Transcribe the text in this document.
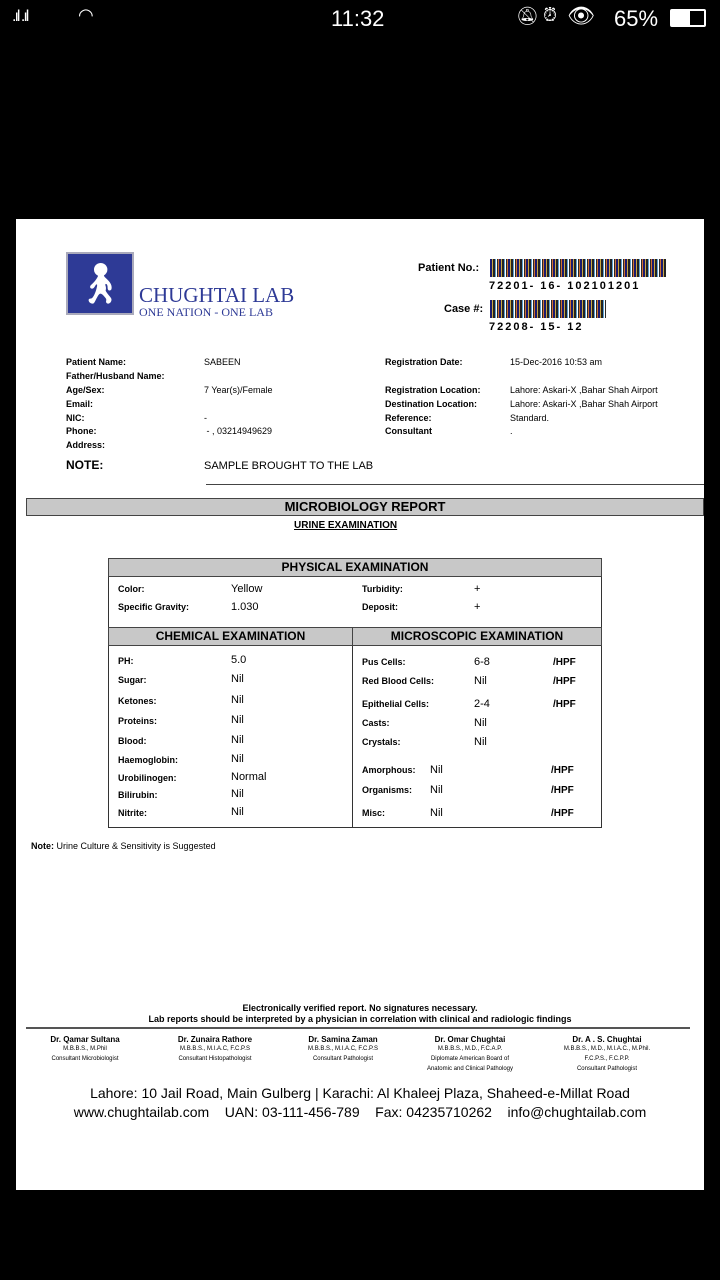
.ıl .ıl	◠	11:32	🔕︎ ⏰︎ 👁︎ 65%
🚶︎ CHUGHTAI LAB
ONE NATION - ONE LAB
Patient No.:
72201- 16- 102101201
Case #:
72208- 15- 12
Patient Name:	SABEEN
Father/Husband Name:
Age/Sex:	7 Year(s)/Female
Email:
NIC:	-
Phone:	- , 03214949629
Address:
Registration Date:	15-Dec-2016 10:53 am
Registration Location:	Lahore: Askari-X ,Bahar Shah Airport
Destination Location:	Lahore: Askari-X ,Bahar Shah Airport
Reference:	Standard.
Consultant	.
NOTE:	SAMPLE BROUGHT TO THE LAB
MICROBIOLOGY REPORT
URINE EXAMINATION
PHYSICAL EXAMINATION
CHEMICAL EXAMINATION	MICROSCOPIC EXAMINATION
Color:	Yellow
Specific Gravity:	1.030
Turbidity:	+
Deposit:	+
PH:	5.0
Sugar:	Nil
Ketones:	Nil
Proteins:	Nil
Blood:	Nil
Haemoglobin:	Nil
Urobilinogen:	Normal
Bilirubin:	Nil
Nitrite:	Nil
Pus Cells:	6-8	/HPF
Red Blood Cells:	Nil	/HPF
Epithelial Cells:	2-4	/HPF
Casts:	Nil
Crystals:	Nil
Amorphous: Nil	/HPF
Organisms: Nil	/HPF
Misc:	Nil	/HPF
Note: Urine Culture & Sensitivity is Suggested
Electronically verified report. No signatures necessary.
Lab reports should be interpreted by a physician in correlation with clinical and radiologic findings
Dr. Qamar Sultana
M.B.B.S., M.Phil
Consultant Microbiologist
Dr. Zunaira Rathore
M.B.B.S., M.I.A.C, F.C.P.S
Consultant Histopathologist
Dr. Samina Zaman
M.B.B.S., M.I.A.C, F.C.P.S
Consultant Pathologist
Dr. Omar Chughtai
M.B.B.S., M.D., F.C.A.P.
Diplomate American Board of
Anatomic and Clinical Pathology
Dr. A . S. Chughtai
M.B.B.S., M.D., M.I.A.C., M.Phil.
F.C.P.S., F.C.P.P.
Consultant Pathologist
Lahore: 10 Jail Road, Main Gulberg | Karachi: Al Khaleej Plaza, Shaheed-e-Millat Road
www.chughtailab.com    UAN: 03-111-456-789    Fax: 04235710262    info@chughtailab.com
